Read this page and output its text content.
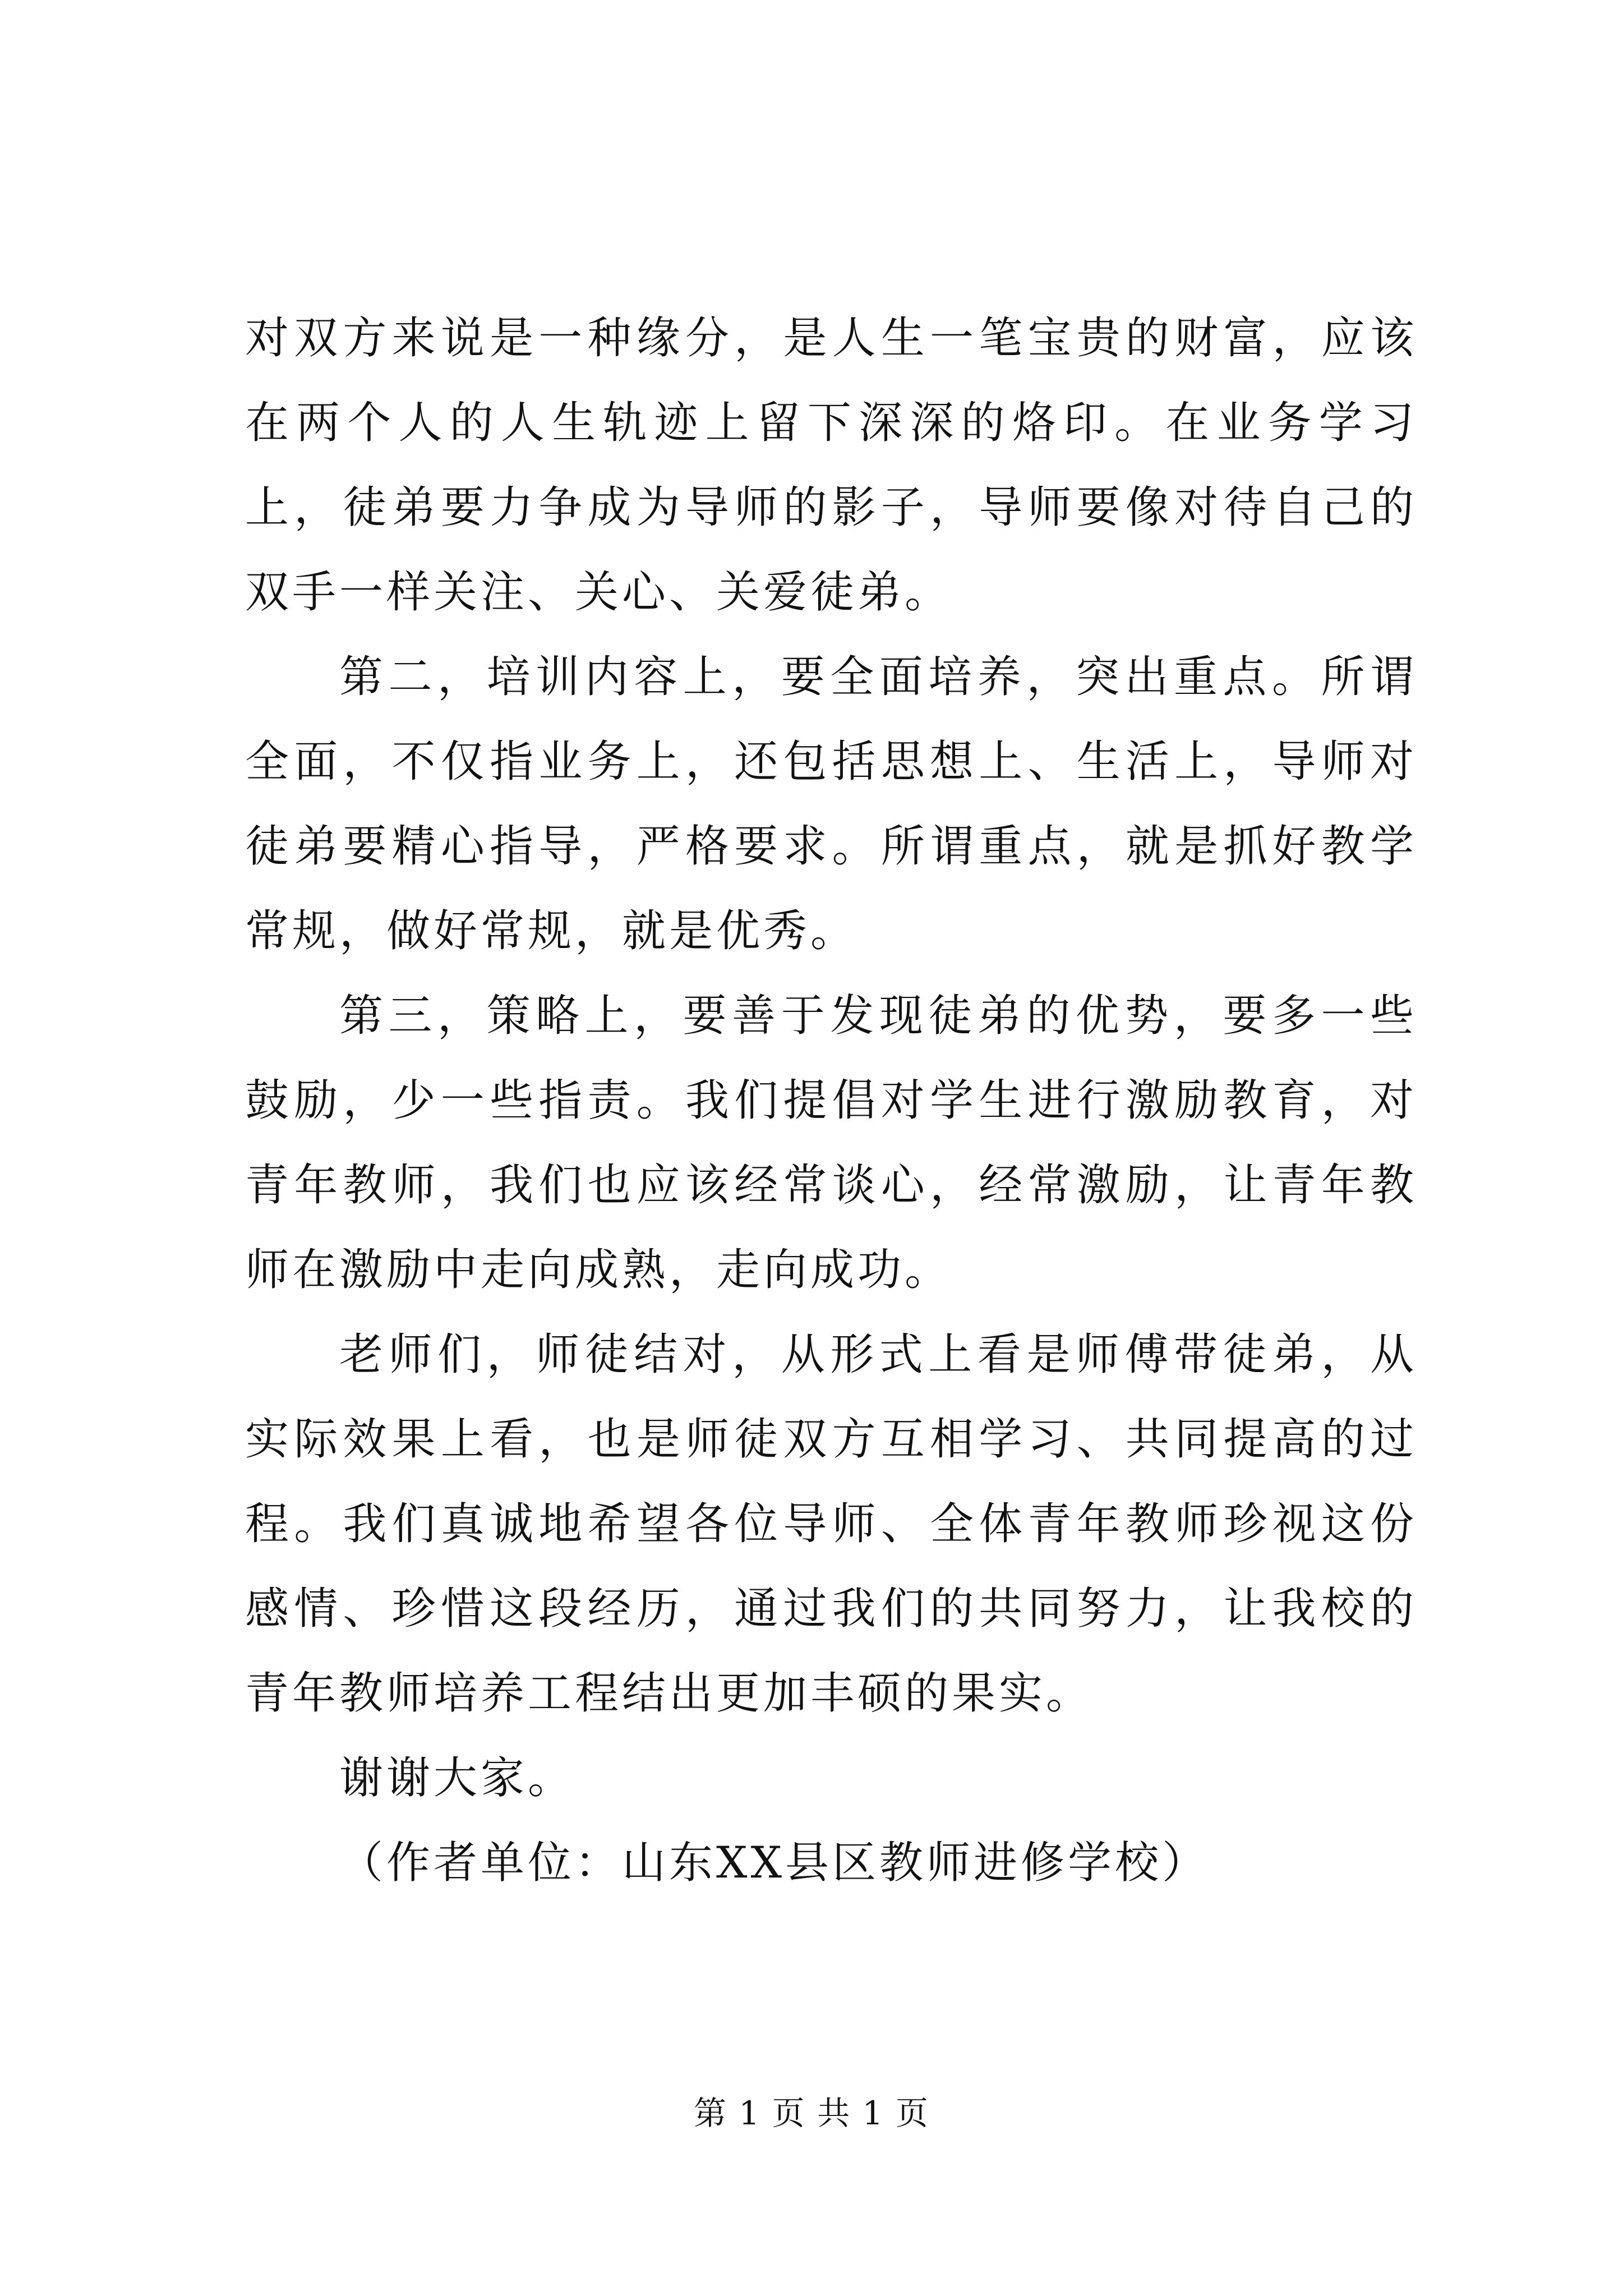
对双方来说是一种缘分，是人生一笔宝贵的财富，应该在两个人的人生轨迹上留下深深的烙印。在业务学习上，徒弟要力争成为导师的影子，导师要像对待自己的双手一样关注、关心、关爱徒弟。

第二，培训内容上，要全面培养，突出重点。所谓全面，不仅指业务上，还包括思想上、生活上，导师对徒弟要精心指导，严格要求。所谓重点，就是抓好教学常规，做好常规，就是优秀。

第三，策略上，要善于发现徒弟的优势，要多一些鼓励，少一些指责。我们提倡对学生进行激励教育，对青年教师，我们也应该经常谈心，经常激励，让青年教师在激励中走向成熟，走向成功。

老师们，师徒结对，从形式上看是师傅带徒弟，从实际效果上看，也是师徒双方互相学习、共同提高的过程。我们真诚地希望各位导师、全体青年教师珍视这份感情、珍惜这段经历，通过我们的共同努力，让我校的青年教师培养工程结出更加丰硕的果实。

谢谢大家。

（作者单位：山东XX县区教师进修学校）

第 1 页 共 1 页
